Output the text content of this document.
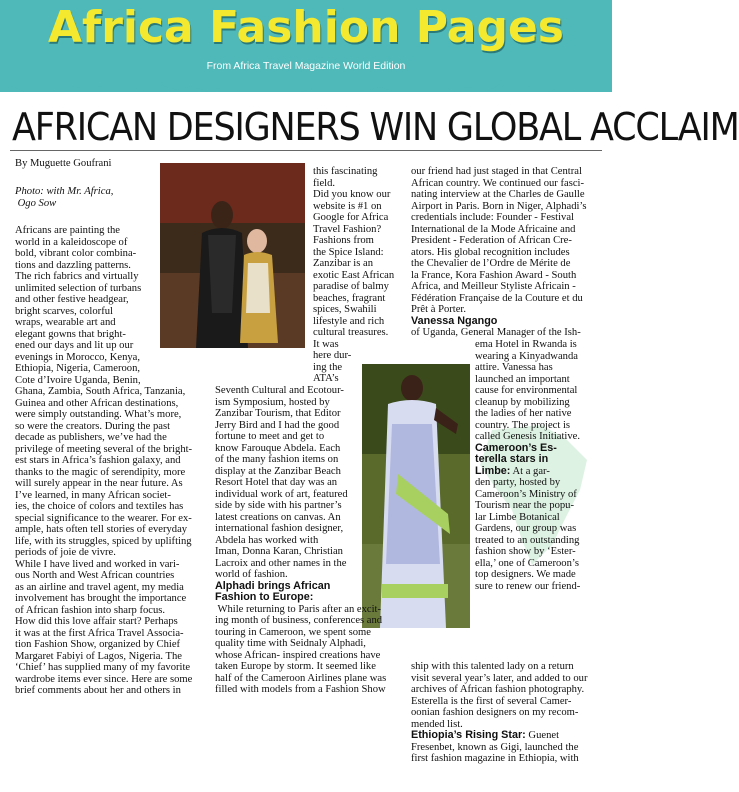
Africa Fashion Pages
From Africa Travel Magazine World Edition
AFRICAN DESIGNERS WIN GLOBAL ACCLAIM
By Muguette Goufrani
Photo: with Mr. Africa,
Ogo Sow
Africans are painting the
world in a kaleidoscope of
bold, vibrant color combina-
tions and dazzling patterns.
The rich fabrics and virtually
unlimited selection of turbans
and other festive headgear,
bright scarves, colorful
wraps, wearable art and
elegant gowns that bright-
ened our days and lit up our
evenings in Morocco, Kenya,
Ethiopia, Nigeria, Cameroon,
Cote d’Ivoire Uganda, Benin,
Ghana, Zambia, South Africa, Tanzania,
Guinea and other African destinations,
were simply outstanding. What’s more,
so were the creators. During the past
decade as publishers, we’ve had the
privilege of meeting several of the bright-
est stars in Africa’s fashion galaxy, and
thanks to the magic of serendipity, more
will surely appear in the near future. As
I’ve learned, in many African societ-
ies, the choice of colors and textiles has
special significance to the wearer. For ex-
ample, hats often tell stories of everyday
life, with its struggles, spiced by uplifting
periods of joie de vivre.
While I have lived and worked in vari-
ous North and West African countries
as an airline and travel agent, my media
involvement has brought the importance
of African fashion into sharp focus.
How did this love affair start? Perhaps
it was at the first Africa Travel Associa-
tion Fashion Show, organized by Chief
Margaret Fabiyi of Lagos, Nigeria. The
‘Chief’ has supplied many of my favorite
wardrobe items ever since. Here are some
brief comments about her and others in
this fascinating
field.
Did you know our
website is #1 on
Google for Africa
Travel Fashion?
Fashions from
the Spice Island:
Zanzibar is an
exotic East African
paradise of balmy
beaches, fragrant
spices, Swahili
lifestyle and rich
cultural treasures.
It was
here dur-
ing the
ATA’s
Seventh Cultural and Ecotour-
ism Symposium, hosted by
Zanzibar Tourism, that Editor
Jerry Bird and I had the good
fortune to meet and get to
know Farouque Abdela. Each
of the many fashion items on
display at the Zanzibar Beach
Resort Hotel that day was an
individual work of art, featured
side by side with his partner’s
latest creations on canvas. An
international fashion designer,
Abdela has worked with
Iman, Donna Karan, Christian
Lacroix and other names in the
world of fashion.
Alphadi brings African
Fashion to Europe:
While returning to Paris after an excit-
ing month of business, conferences and
touring in Cameroon, we spent some
quality time with Seidnaly Alphadi,
whose African- inspired creations have
taken Europe by storm. It seemed like
half of the Cameroon Airlines plane was
filled with models from a Fashion Show
our friend had just staged in that Central
African country. We continued our fasci-
nating interview at the Charles de Gaulle
Airport in Paris. Born in Niger, Alphadi’s
credentials include: Founder - Festival
International de la Mode Africaine and
President - Federation of African Cre-
ators. His global recognition includes
the Chevalier de l’Ordre de Mérite de
la France, Kora Fashion Award - South
Africa, and Meilleur Styliste Africain -
Fédération Française de la Couture et du
Prêt à Porter.
Vanessa Ngango
of Uganda, General Manager of the Ish-
ema Hotel in Rwanda is
wearing a Kinyadwanda
attire. Vanessa has
launched an important
cause for environmental
cleanup by mobilizing
the ladies of her native
country. The project is
called Genesis Initiative.
Cameroon’s Es-
terella stars in
Limbe: At a gar-
den party, hosted by
Cameroon’s Ministry of
Tourism near the popu-
lar Limbe Botanical
Gardens, our group was
treated to an outstanding
fashion show by ‘Ester-
ella,’ one of Cameroon’s
top designers. We made
sure to renew our friend-
ship with this talented lady on a return
visit several year’s later, and added to our
archives of African fashion photography.
Esterella is the first of several Camer-
oonian fashion designers on my recom-
mended list.
Ethiopia’s Rising Star: Guenet
Fresenbet, known as Gigi, launched the
first fashion magazine in Ethiopia, with
